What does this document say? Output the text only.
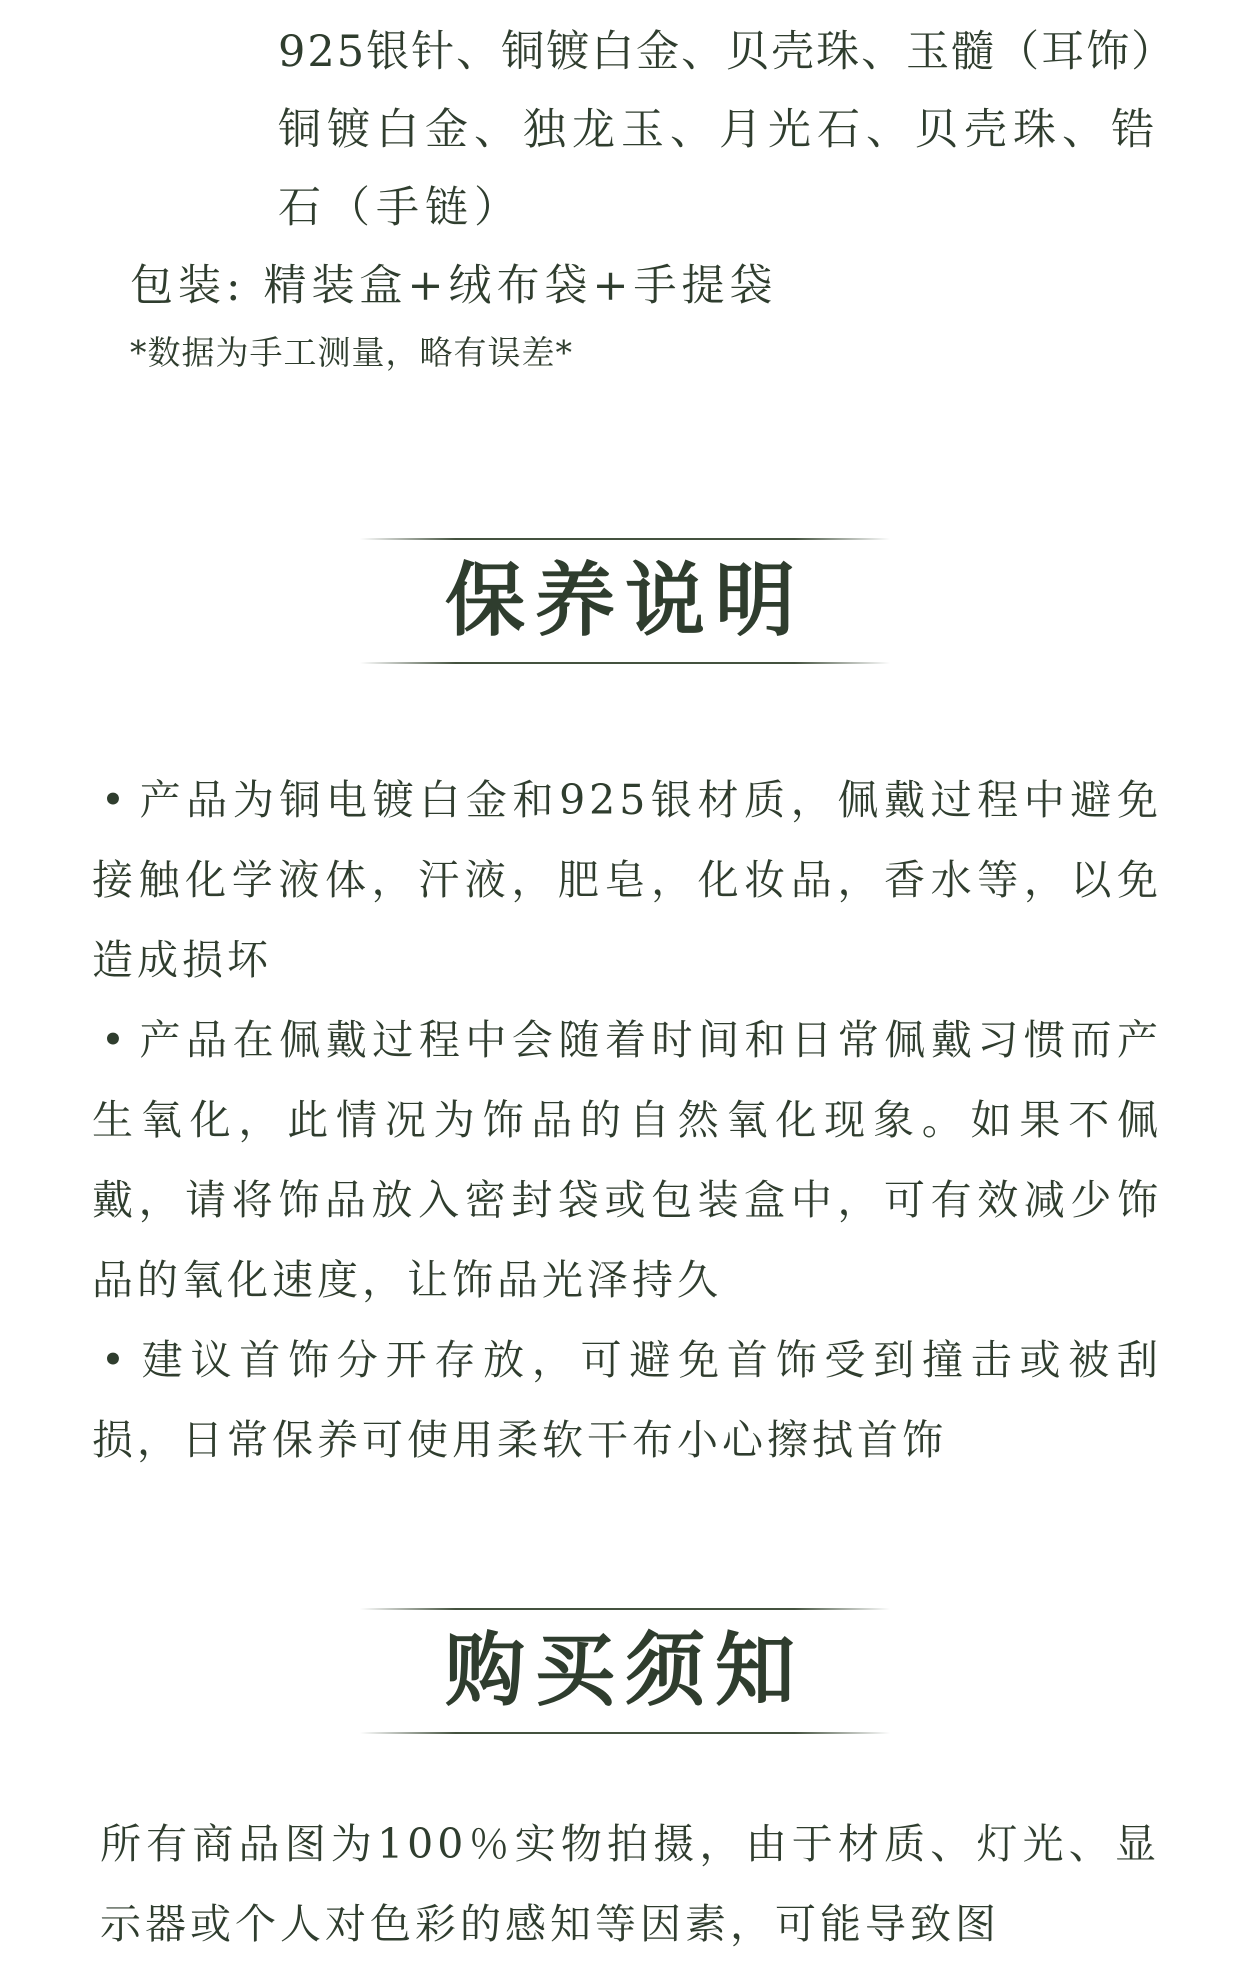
925银针、铜镀白金、贝壳珠、玉髓（耳饰）
铜镀白金、独龙玉、月光石、贝壳珠、锆
石（手链）
包装: 精装盒+绒布袋+手提袋
*数据为手工测量，略有误差*
保养说明

• 产品为铜电镀白金和925银材质，佩戴过程中避免接触化学液体，汗液，肥皂，化妆品，香水等，以免造成损坏

• 产品在佩戴过程中会随着时间和日常佩戴习惯而产生氧化，此情况为饰品的自然氧化现象。如果不佩戴，请将饰品放入密封袋或包装盒中，可有效减少饰品的氧化速度，让饰品光泽持久

• 建议首饰分开存放，可避免首饰受到撞击或被刮损，日常保养可使用柔软干布小心擦拭首饰

购买须知

所有商品图为100％实物拍摄，由于材质、灯光、显示器或个人对色彩的感知等因素，可能导致图
